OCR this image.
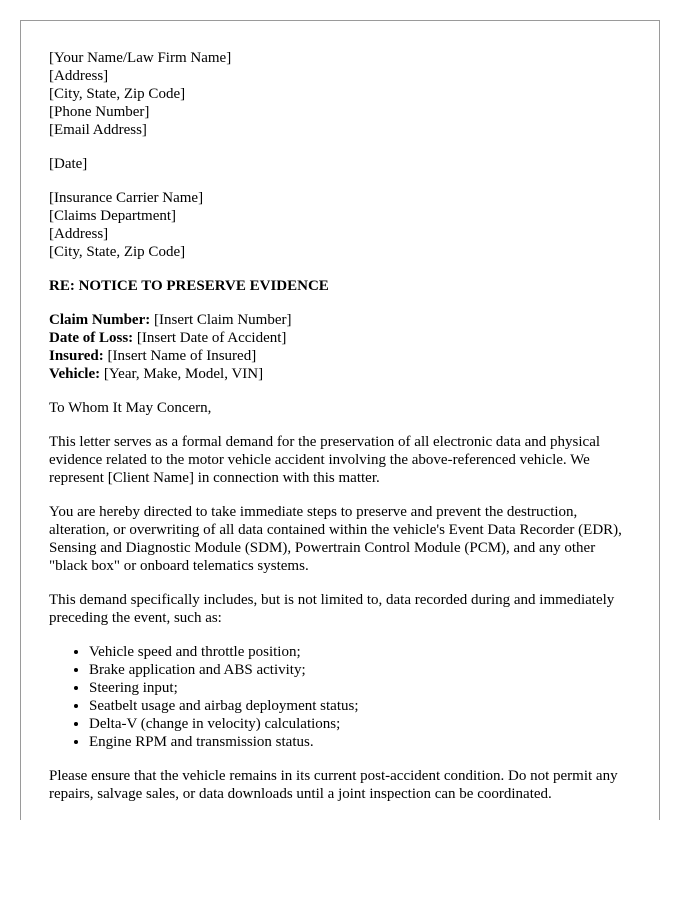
[Your Name/Law Firm Name]
[Address]
[City, State, Zip Code]
[Phone Number]
[Email Address]
[Date]
[Insurance Carrier Name]
[Claims Department]
[Address]
[City, State, Zip Code]
RE: NOTICE TO PRESERVE EVIDENCE
Claim Number: [Insert Claim Number]
Date of Loss: [Insert Date of Accident]
Insured: [Insert Name of Insured]
Vehicle: [Year, Make, Model, VIN]

To Whom It May Concern,

This letter serves as a formal demand for the preservation of all electronic data and physical evidence related to the motor vehicle accident involving the above-referenced vehicle. We represent [Client Name] in connection with this matter.

You are hereby directed to take immediate steps to preserve and prevent the destruction, alteration, or overwriting of all data contained within the vehicle's Event Data Recorder (EDR), Sensing and Diagnostic Module (SDM), Powertrain Control Module (PCM), and any other "black box" or onboard telematics systems.

This demand specifically includes, but is not limited to, data recorded during and immediately preceding the event, such as:

• Vehicle speed and throttle position;
• Brake application and ABS activity;
• Steering input;
• Seatbelt usage and airbag deployment status;
• Delta-V (change in velocity) calculations;
• Engine RPM and transmission status.

Please ensure that the vehicle remains in its current post-accident condition. Do not permit any repairs, salvage sales, or data downloads until a joint inspection can be coordinated.
